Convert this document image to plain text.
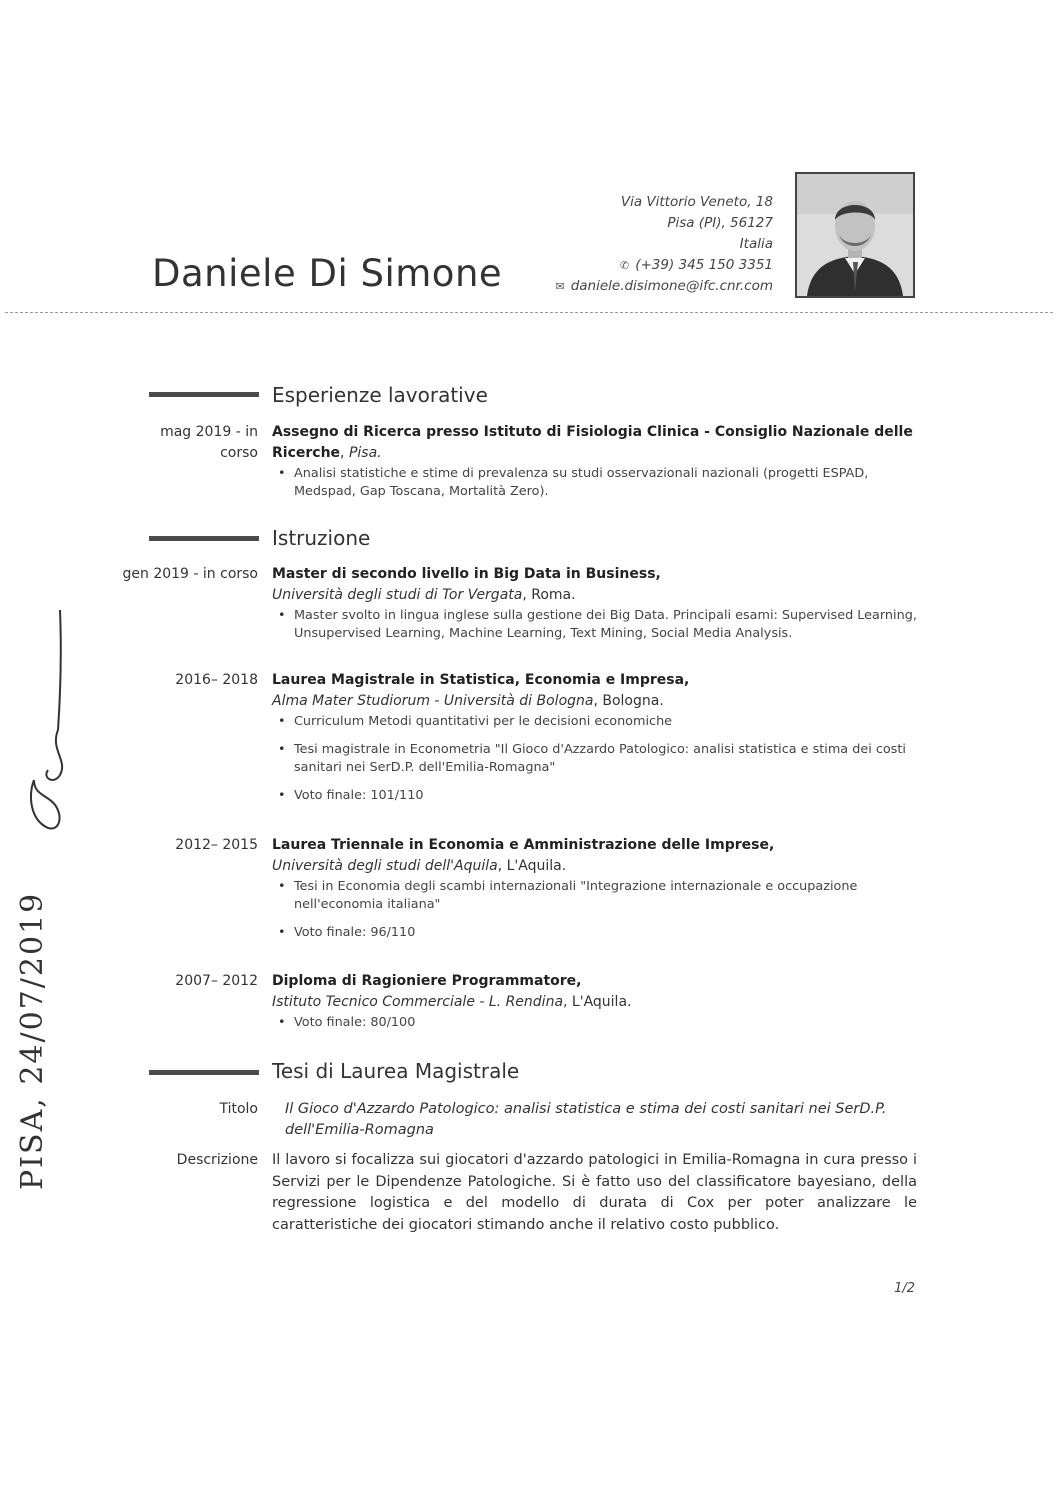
Daniele Di Simone
Via Vittorio Veneto, 18
Pisa (PI), 56127
Italia
✆ (+39) 345 150 3351
✉ daniele.disimone@ifc.cnr.com
Esperienze lavorative
mag 2019 - in corso
Assegno di Ricerca presso Istituto di Fisiologia Clinica - Consiglio Nazionale delle Ricerche, Pisa.
• Analisi statistiche e stime di prevalenza su studi osservazionali nazionali (progetti ESPAD, Medspad, Gap Toscana, Mortalità Zero).
Istruzione
gen 2019 - in corso Master di secondo livello in Big Data in Business,
Università degli studi di Tor Vergata, Roma.
• Master svolto in lingua inglese sulla gestione dei Big Data. Principali esami: Supervised Learning, Unsupervised Learning, Machine Learning, Text Mining, Social Media Analysis.
2016– 2018 Laurea Magistrale in Statistica, Economia e Impresa,
Alma Mater Studiorum - Università di Bologna, Bologna.
• Curriculum Metodi quantitativi per le decisioni economiche
• Tesi magistrale in Econometria "Il Gioco d'Azzardo Patologico: analisi statistica e stima dei costi sanitari nei SerD.P. dell'Emilia-Romagna"
• Voto finale: 101/110
2012– 2015 Laurea Triennale in Economia e Amministrazione delle Imprese,
Università degli studi dell'Aquila, L'Aquila.
• Tesi in Economia degli scambi internazionali "Integrazione internazionale e occupazione nell'economia italiana"
• Voto finale: 96/110
2007– 2012 Diploma di Ragioniere Programmatore,
Istituto Tecnico Commerciale - L. Rendina, L'Aquila.
• Voto finale: 80/100
Tesi di Laurea Magistrale
Titolo Il Gioco d'Azzardo Patologico: analisi statistica e stima dei costi sanitari nei SerD.P. dell'Emilia-Romagna
Descrizione Il lavoro si focalizza sui giocatori d'azzardo patologici in Emilia-Romagna in cura presso i Servizi per le Dipendenze Patologiche. Si è fatto uso del classificatore bayesiano, della regressione logistica e del modello di durata di Cox per poter analizzare le caratteristiche dei giocatori stimando anche il relativo costo pubblico.
1/2
PISA, 24/07/2019
